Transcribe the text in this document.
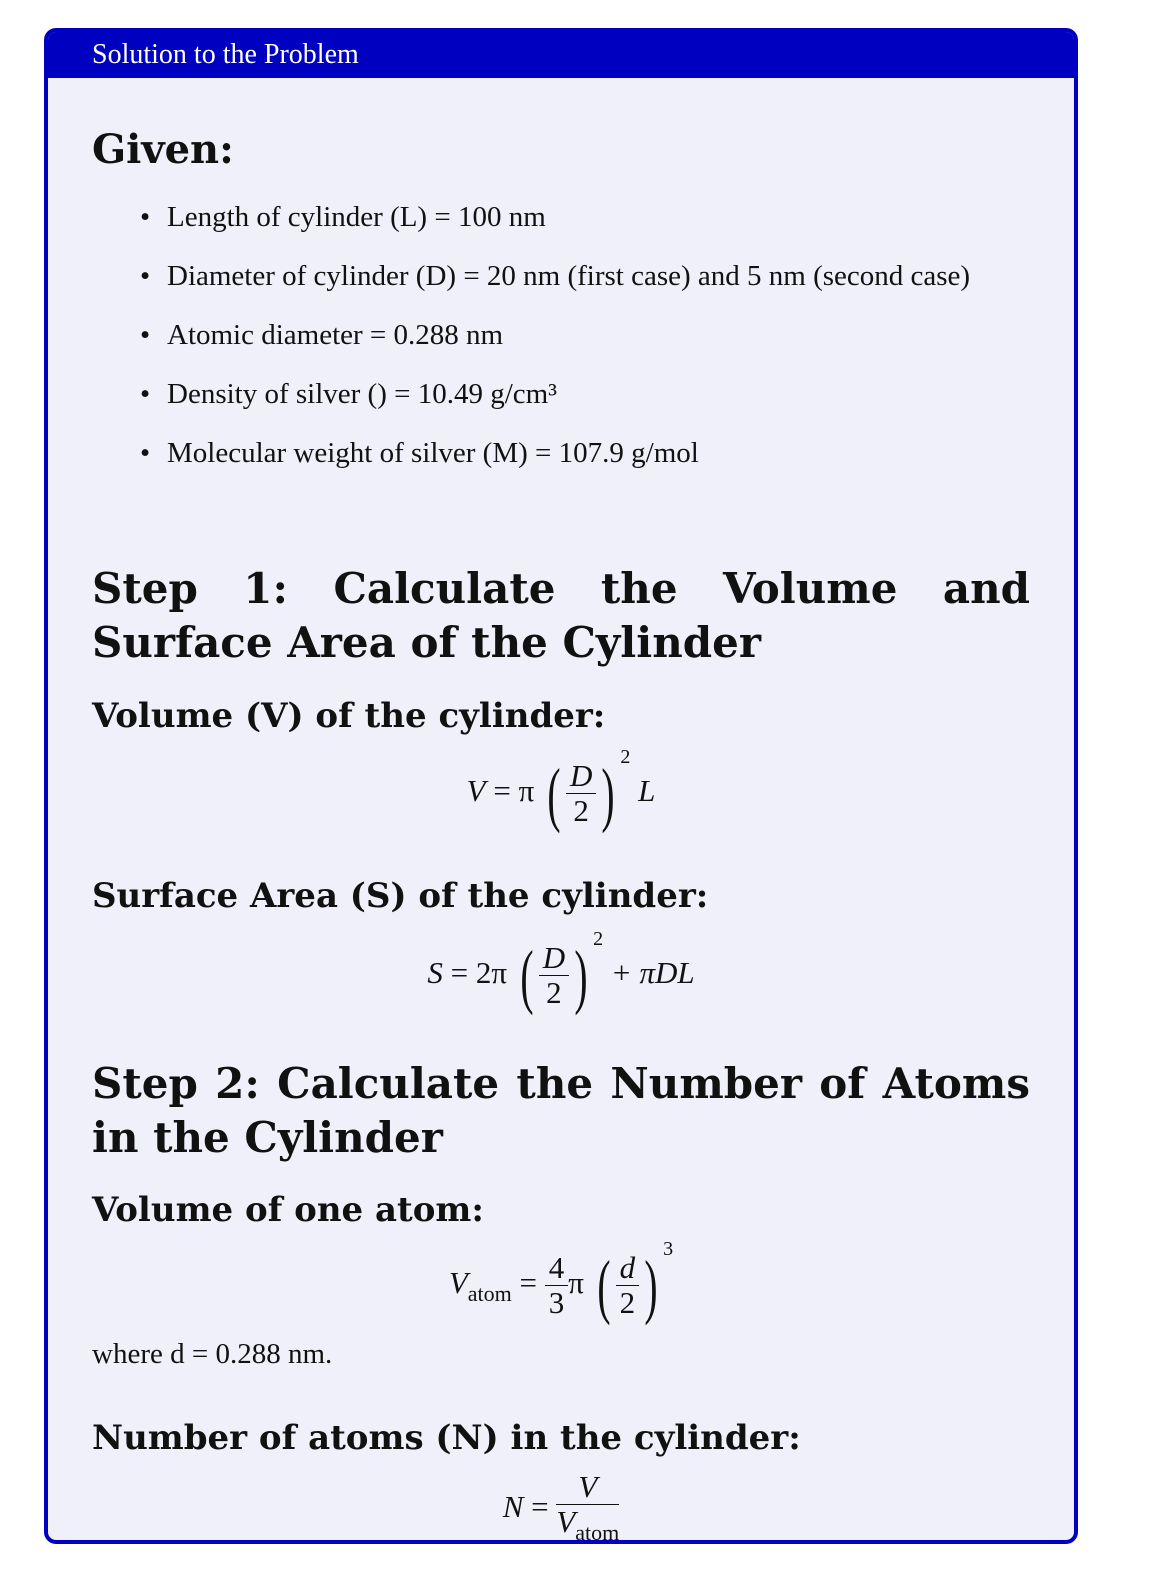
Solution to the Problem
Given:
• Length of cylinder (L) = 100 nm
• Diameter of cylinder (D) = 20 nm (first case) and 5 nm (second case)
• Atomic diameter = 0.288 nm
• Density of silver () = 10.49 g/cm³
• Molecular weight of silver (M) = 107.9 g/mol
Step 1: Calculate the Volume and Surface Area of the Cylinder
Volume (V) of the cylinder:
V = π ( $\frac{D}{2}$ ) $^2$ L
Surface Area (S) of the cylinder:
S = 2π ( $\frac{D}{2}$ ) $^2$ + πDL
Step 2: Calculate the Number of Atoms in the Cylinder
Volume of one atom:
$V_{atom} = \frac{4}{3}$ π ( $\frac{d}{2}$ ) $^3$
where d = 0.288 nm.
Number of atoms (N) in the cylinder:
$N = \frac{V}{V_{atom}}$
